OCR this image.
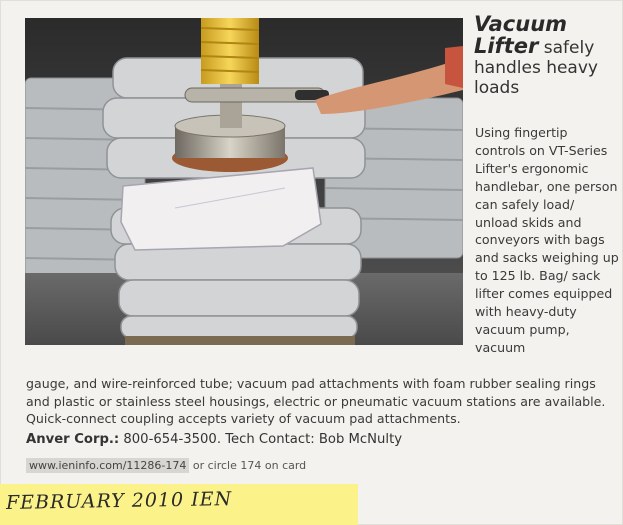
Vacuum Lifter safely handles heavy loads
Using fingertip controls on VT-Series Lifter's ergonomic handlebar, one person can safely load/ unload skids and conveyors with bags and sacks weighing up to 125 lb. Bag/ sack lifter comes equipped with heavy-duty vacuum pump, vacuum
gauge, and wire-reinforced tube; vacuum pad attachments with foam rubber sealing rings and plastic or stainless steel housings, electric or pneumatic vacuum stations are available. Quick-connect coupling accepts variety of vacuum pad attachments.
Anver Corp.: 800-654-3500. Tech Contact: Bob McNulty
www.ieninfo.com/11286-174 or circle 174 on card
FEBRUARY 2010 IEN
